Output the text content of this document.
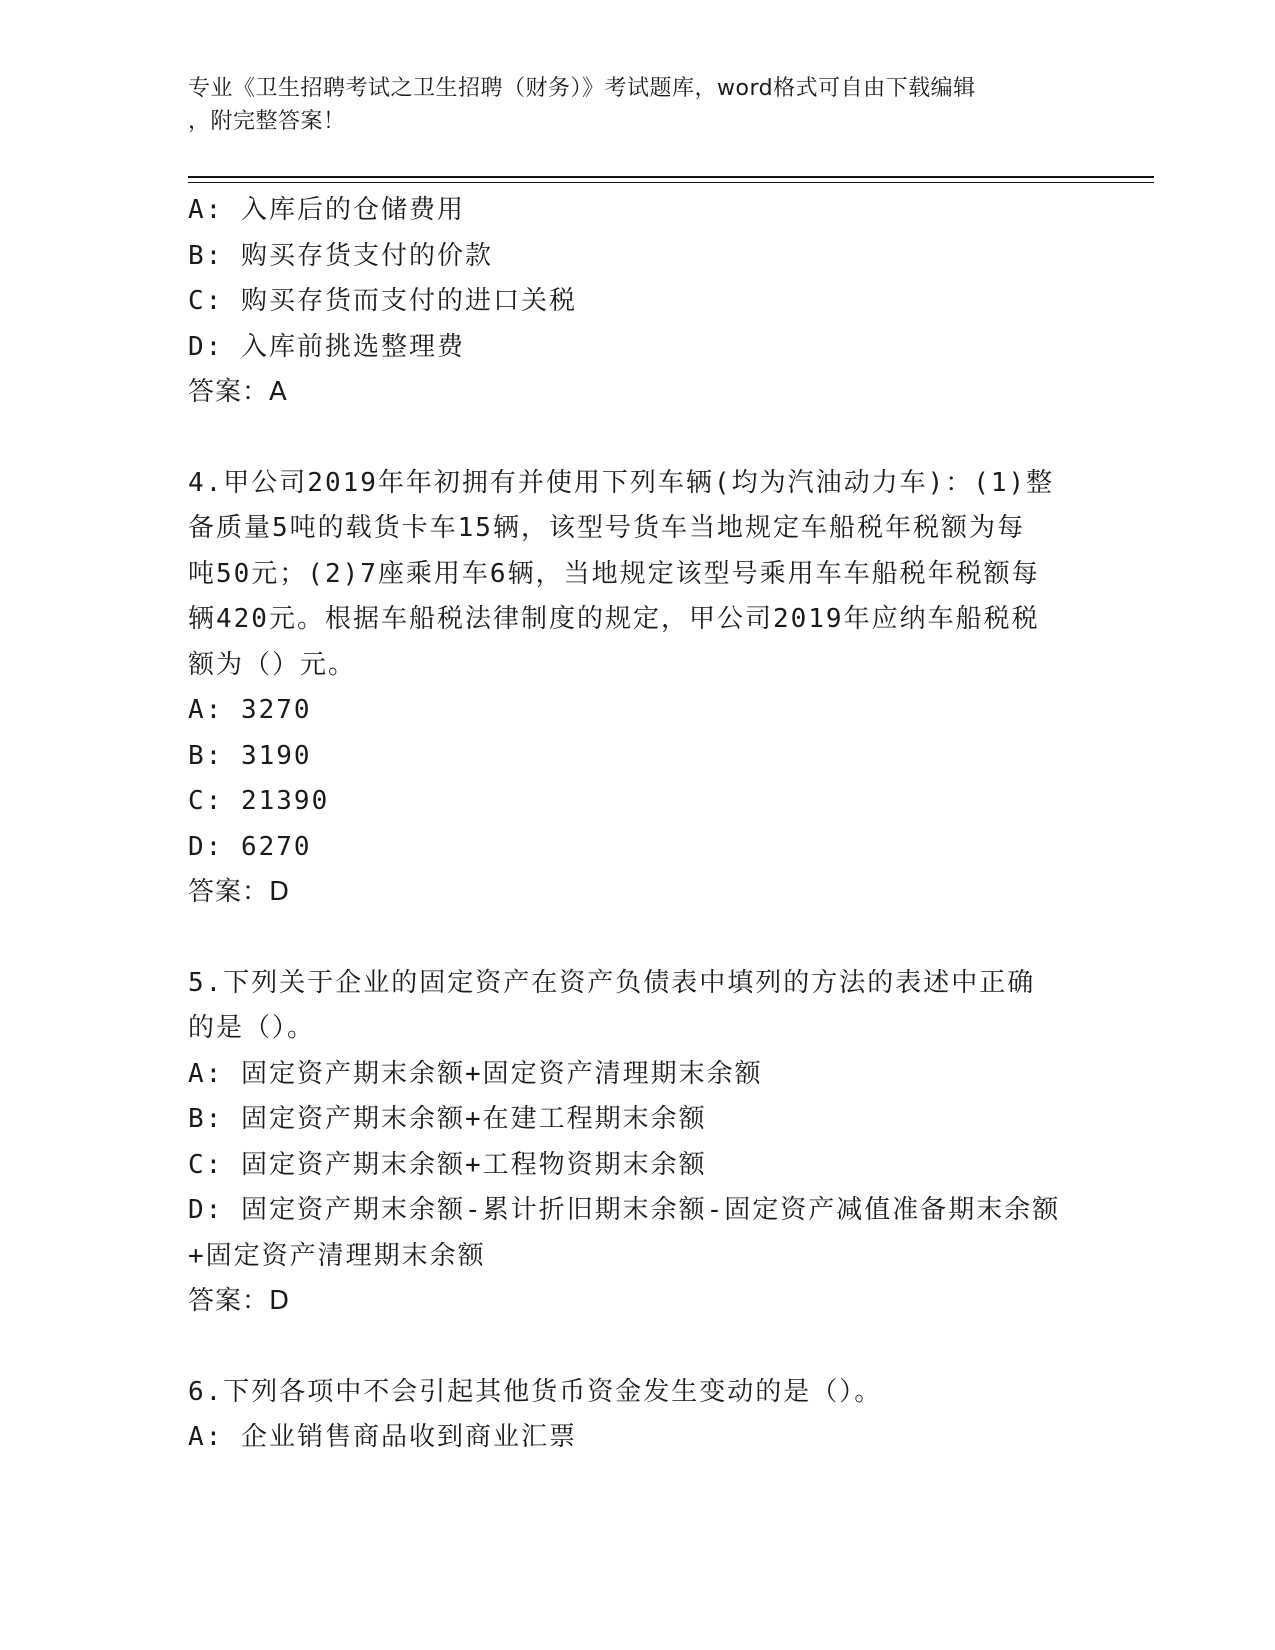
专业《卫生招聘考试之卫生招聘（财务）》考试题库，word格式可自由下载编辑
，附完整答案！
A: 入库后的仓储费用
B: 购买存货支付的价款
C: 购买存货而支付的进口关税
D: 入库前挑选整理费
答案：A
4.甲公司2019年年初拥有并使用下列车辆(均为汽油动力车)：(1)整
备质量5吨的载货卡车15辆，该型号货车当地规定车船税年税额为每
吨50元；(2)7座乘用车6辆，当地规定该型号乘用车车船税年税额每
辆420元。根据车船税法律制度的规定，甲公司2019年应纳车船税税
额为（）元。
A: 3270
B: 3190
C: 21390
D: 6270
答案：D
5.下列关于企业的固定资产在资产负债表中填列的方法的表述中正确
的是（）。
A: 固定资产期末余额+固定资产清理期末余额
B: 固定资产期末余额+在建工程期末余额
C: 固定资产期末余额+工程物资期末余额
D: 固定资产期末余额-累计折旧期末余额-固定资产减值准备期末余额
+固定资产清理期末余额
答案：D
6.下列各项中不会引起其他货币资金发生变动的是（）。
A: 企业销售商品收到商业汇票
